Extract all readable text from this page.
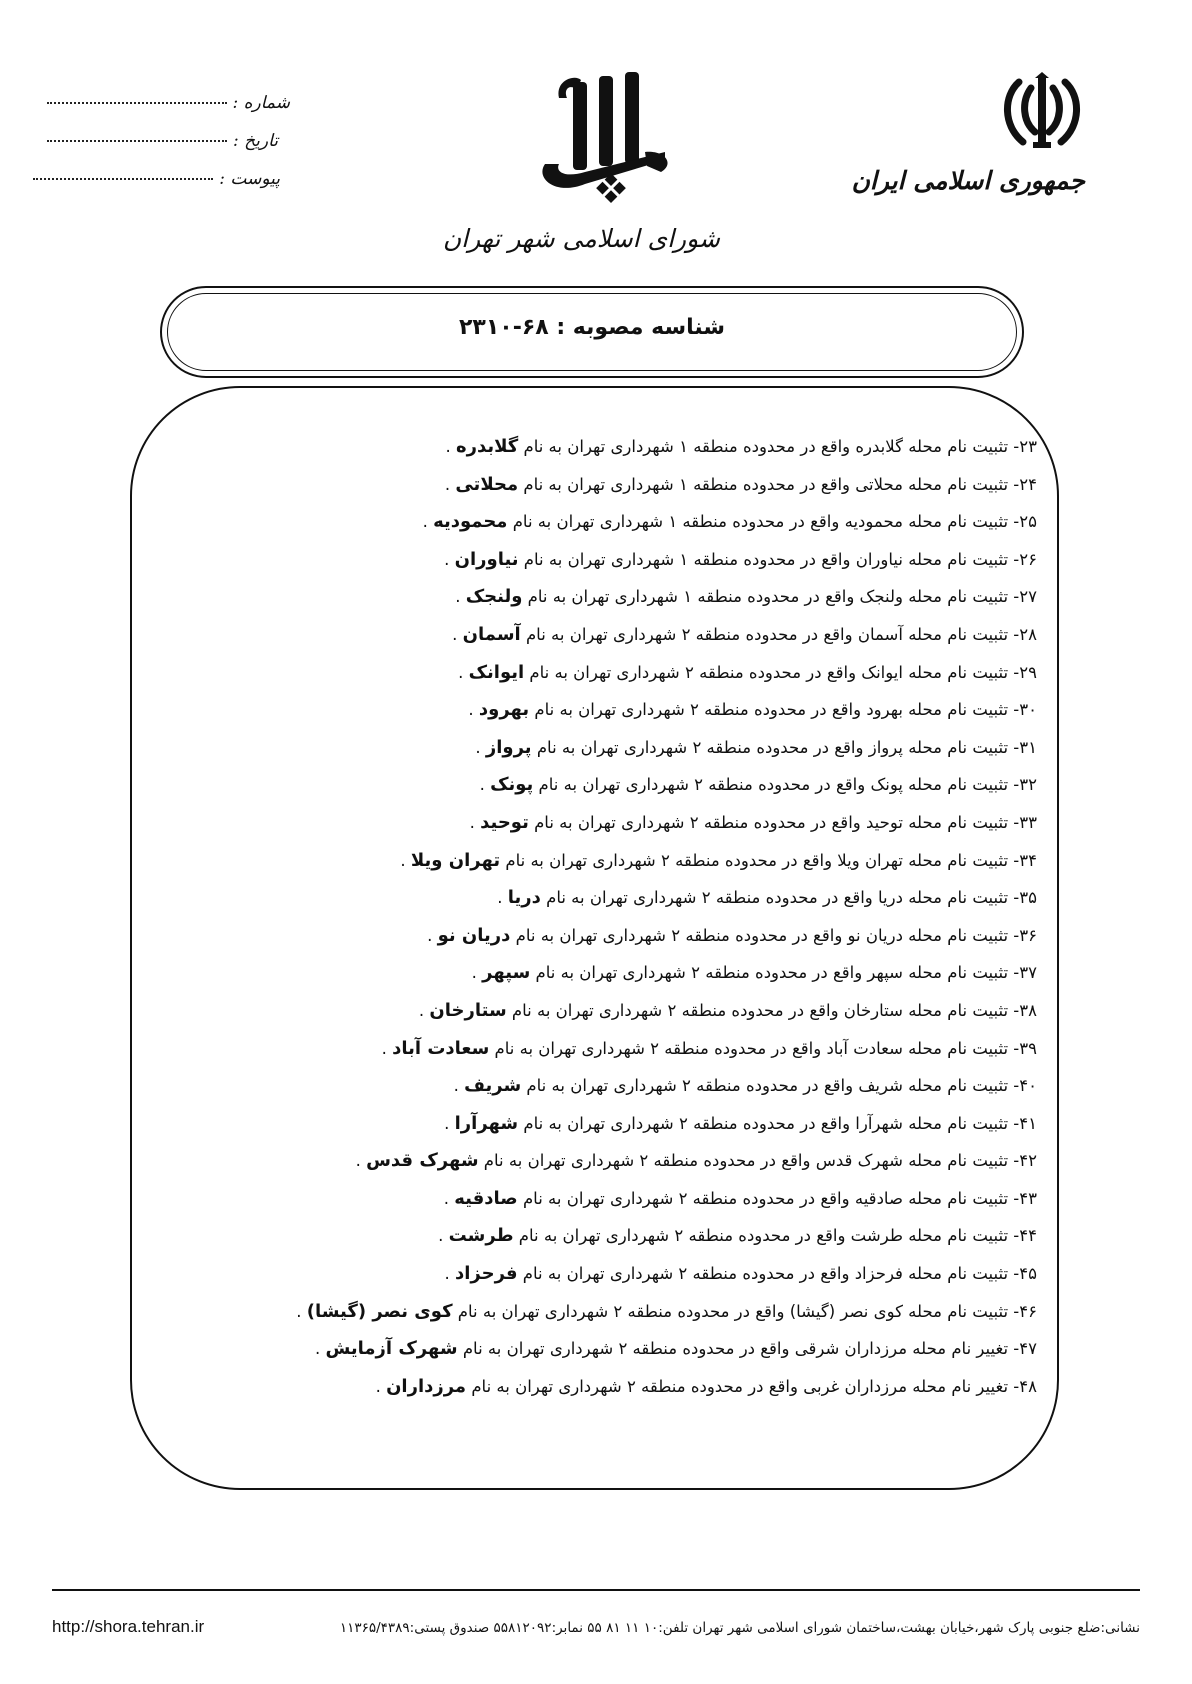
جمهوری اسلامی ایران
شورای اسلامی شهر تهران
شماره :
تاریخ :
پیوست :
شناسه مصوبه : ۶۸-۲۳۱۰
۲۳- تثبیت نام محله گلابدره واقع در محدوده منطقه ۱ شهرداری تهران به نام گلابدره .
۲۴- تثبیت نام محله محلاتی واقع در محدوده منطقه ۱ شهرداری تهران به نام محلاتی .
۲۵- تثبیت نام محله محمودیه واقع در محدوده منطقه ۱ شهرداری تهران به نام محمودیه .
۲۶- تثبیت نام محله نیاوران واقع در محدوده منطقه ۱ شهرداری تهران به نام نیاوران .
۲۷- تثبیت نام محله ولنجک واقع در محدوده منطقه ۱ شهرداری تهران به نام ولنجک .
۲۸- تثبیت نام محله آسمان واقع در محدوده منطقه ۲ شهرداری تهران به نام آسمان .
۲۹- تثبیت نام محله ایوانک واقع در محدوده منطقه ۲ شهرداری تهران به نام ایوانک .
۳۰- تثبیت نام محله بهرود واقع در محدوده منطقه ۲ شهرداری تهران به نام بهرود .
۳۱- تثبیت نام محله پرواز واقع در محدوده منطقه ۲ شهرداری تهران به نام پرواز .
۳۲- تثبیت نام محله پونک واقع در محدوده منطقه ۲ شهرداری تهران به نام پونک .
۳۳- تثبیت نام محله توحید واقع در محدوده منطقه ۲ شهرداری تهران به نام توحید .
۳۴- تثبیت نام محله تهران ویلا واقع در محدوده منطقه ۲ شهرداری تهران به نام تهران ویلا .
۳۵- تثبیت نام محله دریا واقع در محدوده منطقه ۲ شهرداری تهران به نام دریا .
۳۶- تثبیت نام محله دریان نو واقع در محدوده منطقه ۲ شهرداری تهران به نام دریان نو .
۳۷- تثبیت نام محله سپهر واقع در محدوده منطقه ۲ شهرداری تهران به نام سپهر .
۳۸- تثبیت نام محله ستارخان واقع در محدوده منطقه ۲ شهرداری تهران به نام ستارخان .
۳۹- تثبیت نام محله سعادت آباد واقع در محدوده منطقه ۲ شهرداری تهران به نام سعادت آباد .
۴۰- تثبیت نام محله شریف واقع در محدوده منطقه ۲ شهرداری تهران به نام شریف .
۴۱- تثبیت نام محله شهرآرا واقع در محدوده منطقه ۲ شهرداری تهران به نام شهرآرا .
۴۲- تثبیت نام محله شهرک قدس واقع در محدوده منطقه ۲ شهرداری تهران به نام شهرک قدس .
۴۳- تثبیت نام محله صادقیه واقع در محدوده منطقه ۲ شهرداری تهران به نام صادقیه .
۴۴- تثبیت نام محله طرشت واقع در محدوده منطقه ۲ شهرداری تهران به نام طرشت .
۴۵- تثبیت نام محله فرحزاد واقع در محدوده منطقه ۲ شهرداری تهران به نام فرحزاد .
۴۶- تثبیت نام محله کوی نصر (گیشا) واقع در محدوده منطقه ۲ شهرداری تهران به نام کوی نصر (گیشا) .
۴۷- تغییر نام محله مرزداران شرقی واقع در محدوده منطقه ۲ شهرداری تهران به نام شهرک آزمایش .
۴۸- تغییر نام محله مرزداران غربی واقع در محدوده منطقه ۲ شهرداری تهران به نام مرزداران .
نشانی:ضلع جنوبی پارک شهر،خیابان بهشت،ساختمان شورای اسلامی شهر تهران تلفن:۱۰ ۱۱ ۸۱ ۵۵ نمابر:۵۵۸۱۲۰۹۲ صندوق پستی:۱۱۳۶۵/۴۳۸۹
http://shora.tehran.ir
